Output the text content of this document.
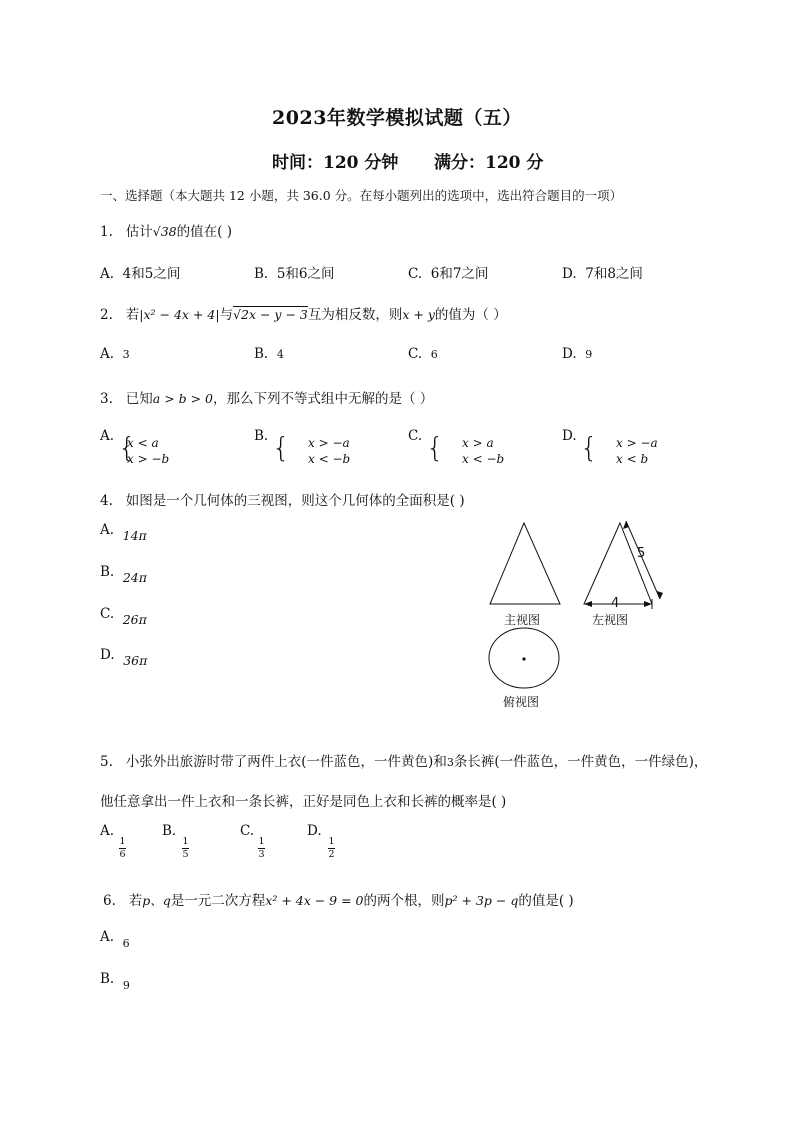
2023年数学模拟试题（五）
时间：120 分钟 满分：120 分
一、选择题（本大题共 12 小题，共 36.0 分。在每小题列出的选项中，选出符合题目的一项）
1. 估计√38的值在( )
A. 4和5之间	B. 5和6之间	C. 6和7之间	D. 7和8之间
2. 若|x² − 4x + 4|与√2x − y − 3互为相反数，则x + y的值为（ ）
A. 3	B. 4	C. 6	D. 9
3. 已知a > b > 0，那么下列不等式组中无解的是（ ）
A. {
x < a
x > −b
B. { x > −a
x < −b
C. { x > a
x < −b
D. { x > −a
x < b
4. 如图是一个几何体的三视图，则这个几何体的全面积是( )
A. 14π
B. 24π
C. 26π
D. 36π
主视图	左视图
俯视图
5
4
5. 小张外出旅游时带了两件上衣(一件蓝色，一件黄色)和3条长裤(一件蓝色，一件黄色，一件绿色)，
他任意拿出一件上衣和一条长裤，正好是同色上衣和长裤的概率是( )
A.
1
6
B.
1
5
C.
1
3
D.
1
2
6. 若p、q是一元二次方程x² + 4x − 9 = 0的两个根，则p² + 3p − q的值是( )
A. $_6$
B. $_9$
